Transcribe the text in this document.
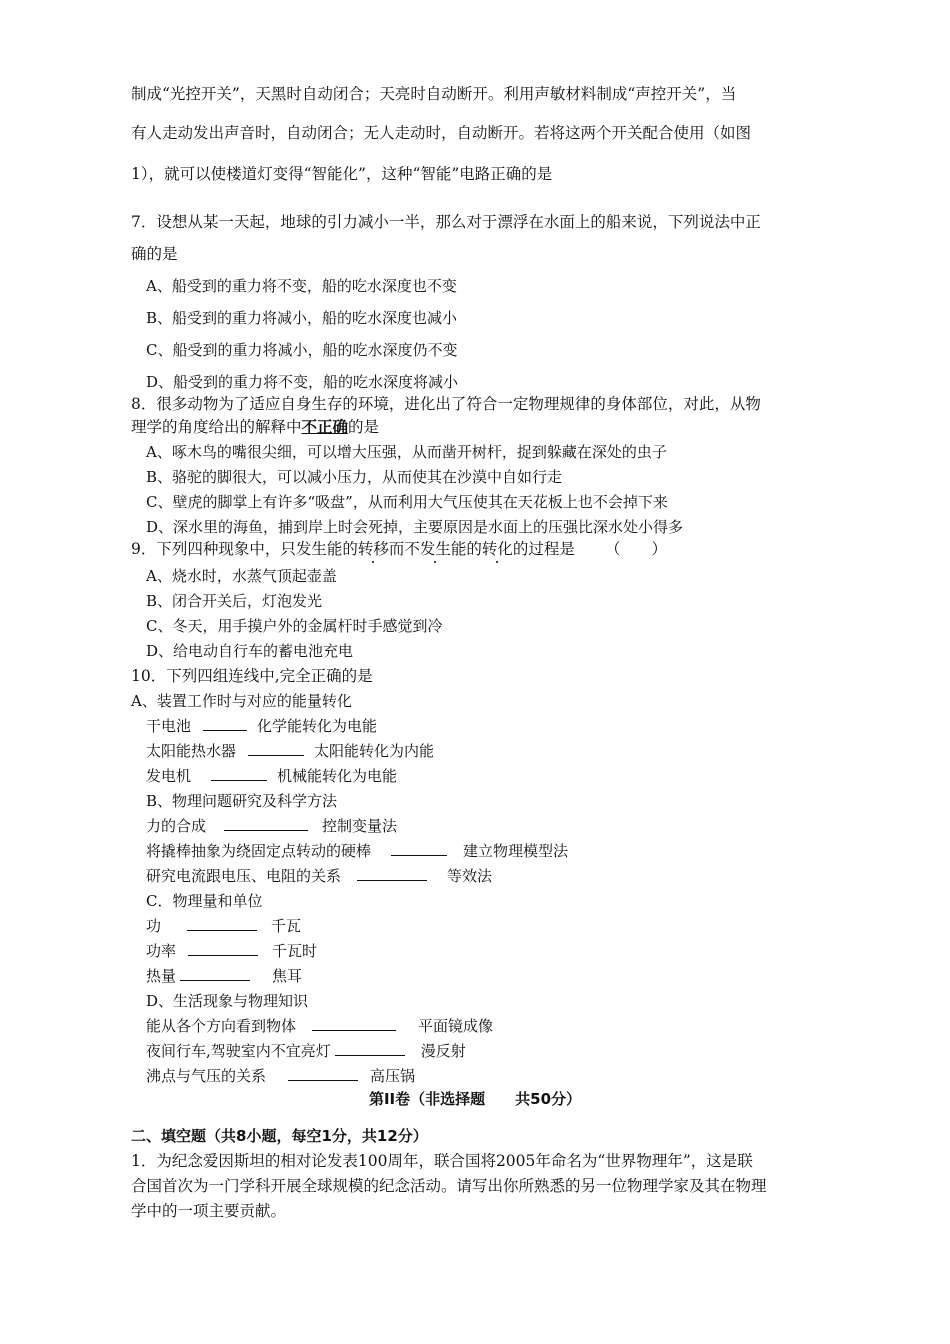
制成“光控开关”，天黑时自动闭合；天亮时自动断开。利用声敏材料制成“声控开关”，当
有人走动发出声音时，自动闭合；无人走动时，自动断开。若将这两个开关配合使用（如图
1），就可以使楼道灯变得“智能化”，这种“智能”电路正确的是
7．设想从某一天起，地球的引力减小一半，那么对于漂浮在水面上的船来说，下列说法中正
确的是
A、船受到的重力将不变，船的吃水深度也不变
B、船受到的重力将减小，船的吃水深度也减小
C、船受到的重力将减小，船的吃水深度仍不变
D、船受到的重力将不变，船的吃水深度将减小
8．很多动物为了适应自身生存的环境，进化出了符合一定物理规律的身体部位，对此，从物
理学的角度给出的解释中不正确的是
A、啄木鸟的嘴很尖细，可以增大压强，从而凿开树杆，捉到躲藏在深处的虫子
B、骆驼的脚很大，可以减小压力，从而使其在沙漠中自如行走
C、壁虎的脚掌上有许多“吸盘”，从而利用大气压使其在天花板上也不会掉下来
D、深水里的海鱼，捕到岸上时会死掉，主要原因是水面上的压强比深水处小得多
9．下列四种现象中，只发生能的转移而不发生能的转化的过程是 （　　）
A、烧水时，水蒸气顶起壶盖
B、闭合开关后，灯泡发光
C、冬天，用手摸户外的金属杆时手感觉到冷
D、给电动自行车的蓄电池充电
10．下列四组连线中,完全正确的是
A、装置工作时与对应的能量转化
干电池	化学能转化为电能
太阳能热水器	太阳能转化为内能
发电机	机械能转化为电能
B、物理问题研究及科学方法
力的合成	控制变量法
将撬棒抽象为绕固定点转动的硬棒	建立物理模型法
研究电流跟电压、电阻的关系	等效法
C．物理量和单位
功	千瓦
功率	千瓦时
热量	焦耳
D、生活现象与物理知识
能从各个方向看到物体	平面镜成像
夜间行车,驾驶室内不宜亮灯	漫反射
沸点与气压的关系	高压锅
第II卷（非选择题 共50分）
二、填空题（共8小题，每空1分，共12分）
1．为纪念爱因斯坦的相对论发表100周年，联合国将2005年命名为“世界物理年”，这是联
合国首次为一门学科开展全球规模的纪念活动。请写出你所熟悉的另一位物理学家及其在物理
学中的一项主要贡献。
